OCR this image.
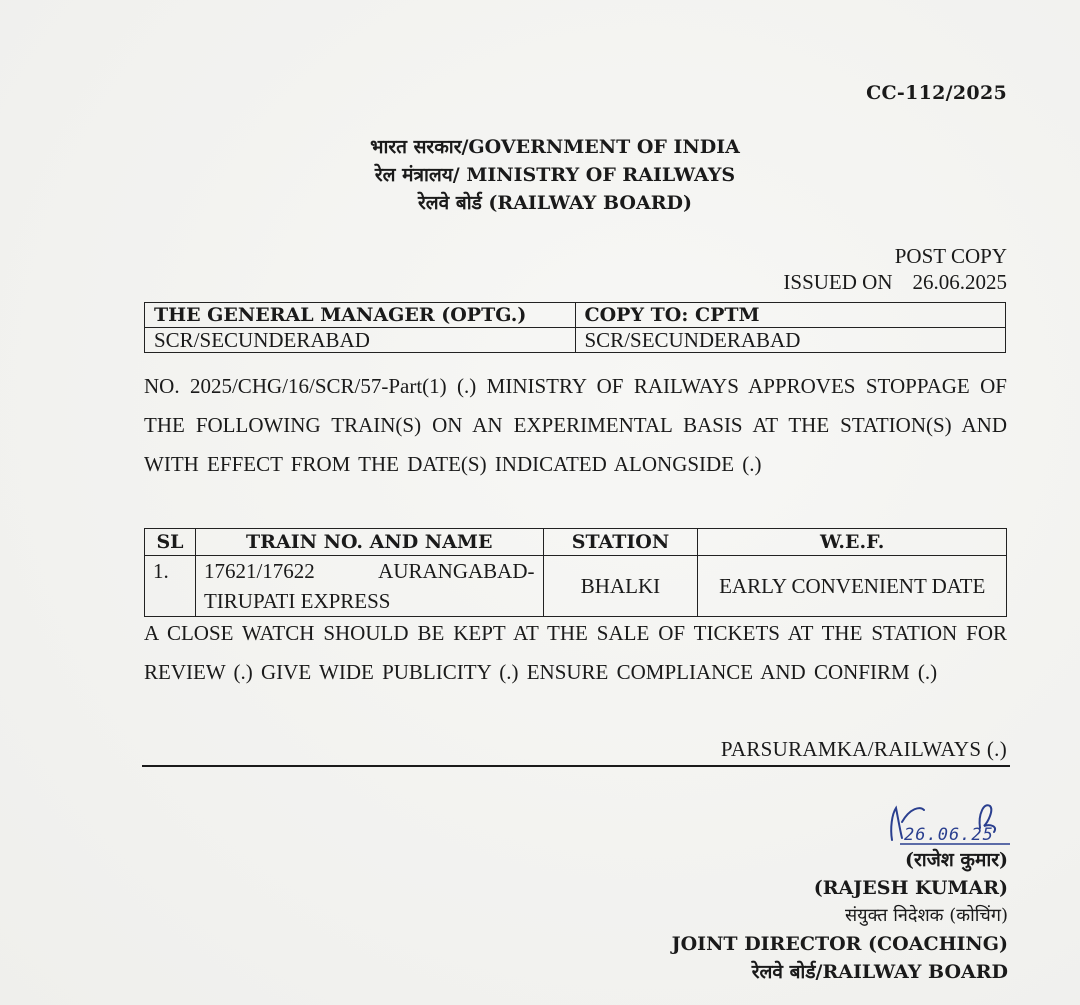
CC-112/2025
भारत सरकार/GOVERNMENT OF INDIA
रेल मंत्रालय/ MINISTRY OF RAILWAYS
रेलवे बोर्ड (RAILWAY BOARD)
POST COPY
ISSUED ON 26.06.2025
THE GENERAL MANAGER (OPTG.)	COPY TO: CPTM
SCR/SECUNDERABAD	SCR/SECUNDERABAD
NO. 2025/CHG/16/SCR/57-Part(1) (.) MINISTRY OF RAILWAYS APPROVES STOPPAGE OF THE FOLLOWING TRAIN(S) ON AN EXPERIMENTAL BASIS AT THE STATION(S) AND WITH EFFECT FROM THE DATE(S) INDICATED ALONGSIDE (.)
SL	TRAIN NO. AND NAME	STATION	W.E.F.
1.	17621/17622 AURANGABAD-TIRUPATI EXPRESS	BHALKI	EARLY CONVENIENT DATE
A CLOSE WATCH SHOULD BE KEPT AT THE SALE OF TICKETS AT THE STATION FOR REVIEW (.) GIVE WIDE PUBLICITY (.) ENSURE COMPLIANCE AND CONFIRM (.)
PARSURAMKA/RAILWAYS (.)
26.06.25
(राजेश कुमार)
(RAJESH KUMAR)
संयुक्त निदेशक (कोचिंग)
JOINT DIRECTOR (COACHING)
रेलवे बोर्ड/RAILWAY BOARD
